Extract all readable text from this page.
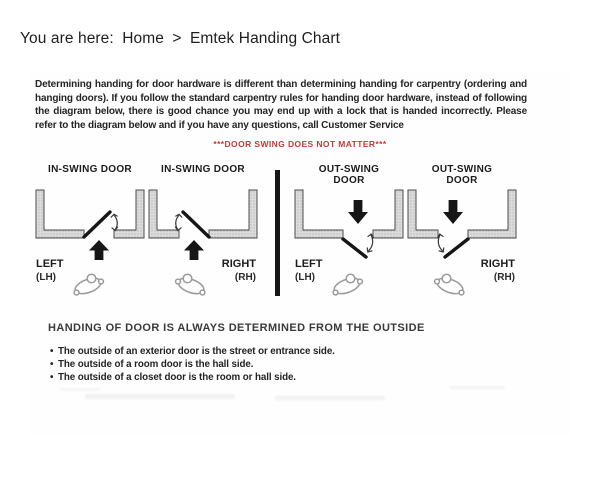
You are here: Home > Emtek Handing Chart
Determining handing for door hardware is different than determining handing for carpentry (ordering and hanging doors). If you follow the standard carpentry rules for handing door hardware, instead of following the diagram below, there is good chance you may end up with a lock that is handed incorrectly. Please refer to the diagram below and if you have any questions, call Customer Service
***DOOR SWING DOES NOT MATTER***
IN-SWING DOOR
LEFT
(LH)
IN-SWING DOOR
RIGHT
(RH)
OUT-SWING DOOR
LEFT
(LH)
OUT-SWING DOOR
RIGHT
(RH)
HANDING OF DOOR IS ALWAYS DETERMINED FROM THE OUTSIDE
• The outside of an exterior door is the street or entrance side.
• The outside of a room door is the hall side.
• The outside of a closet door is the room or hall side.
